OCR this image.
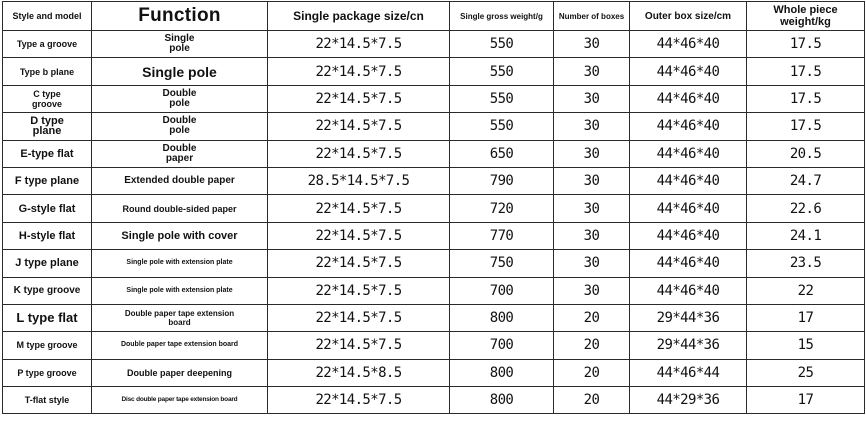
Style and model	Function	Single package size/cn	Single gross weight/g	Number of boxes	Outer box size/cm	Whole piece weight/kg
Type a groove	Single pole	22*14.5*7.5	550	30	44*46*40	17.5
Type b plane	Single pole	22*14.5*7.5	550	30	44*46*40	17.5
C type groove	Double pole	22*14.5*7.5	550	30	44*46*40	17.5
D type plane	Double pole	22*14.5*7.5	550	30	44*46*40	17.5
E-type flat	Double paper	22*14.5*7.5	650	30	44*46*40	20.5
F type plane	Extended double paper	28.5*14.5*7.5	790	30	44*46*40	24.7
G-style flat	Round double-sided paper	22*14.5*7.5	720	30	44*46*40	22.6
H-style flat	Single pole with cover	22*14.5*7.5	770	30	44*46*40	24.1
J type plane	Single pole with extension plate	22*14.5*7.5	750	30	44*46*40	23.5
K type groove	Single pole with extension plate	22*14.5*7.5	700	30	44*46*40	22
L type flat	Double paper tape extension board	22*14.5*7.5	800	20	29*44*36	17
M type groove	Double paper tape extension board	22*14.5*7.5	700	20	29*44*36	15
P type groove	Double paper deepening	22*14.5*8.5	800	20	44*46*44	25
T-flat style	Disc double paper tape extension board	22*14.5*7.5	800	20	44*29*36	17
